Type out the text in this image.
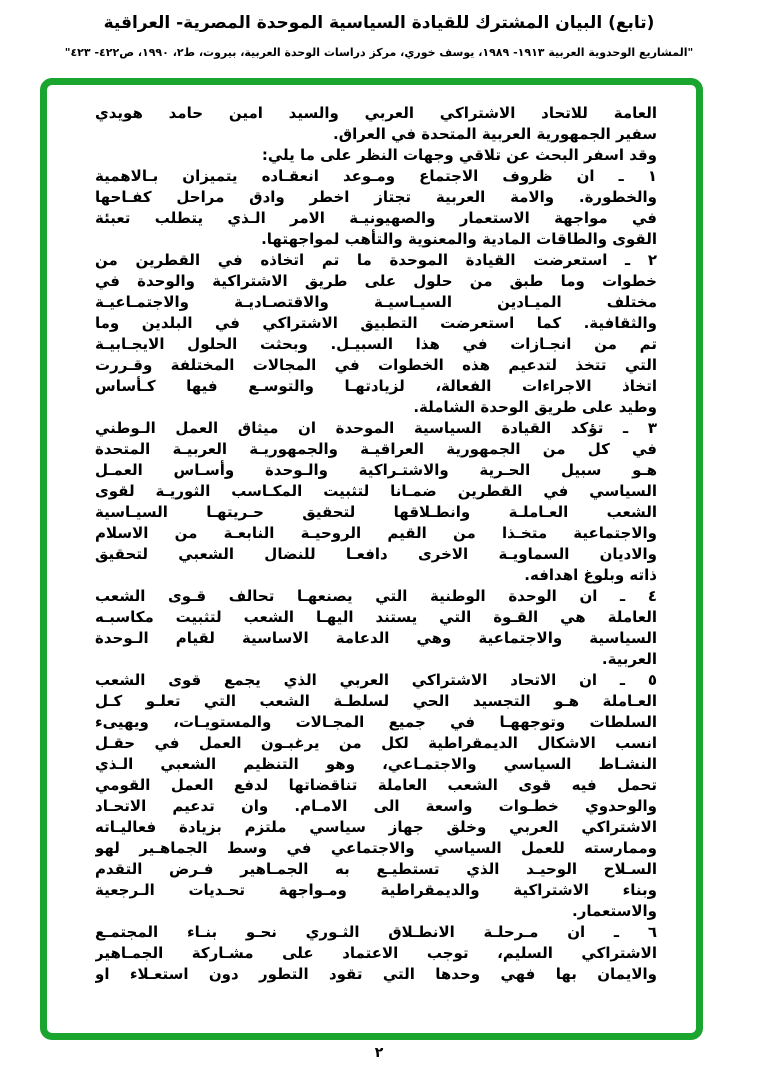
(تابع) البيان المشترك للقيادة السياسية الموحدة المصرية- العراقية
"المشاريع الوحدوية العربية ١٩١٣- ١٩٨٩، يوسف خوري، مركز دراسات الوحدة العربية، بيروت، ط٢، ١٩٩٠، ص٤٢٢- ٤٢٣"
العامة للاتحاد الاشتراكي العربي والسيد امين حامد هويدي
سفير الجمهورية العربية المتحدة في العراق.
وقد اسفر البحث عن تلاقي وجهات النظر على ما يلي:
١ ـ ان ظروف الاجتماع ومـوعد انعقـاده يتميزان بـالاهمية
والخطورة. والامة العربية تجتاز اخطر وادق مراحل كفـاحها
في مواجهة الاستعمار والصهيونيـة الامر الـذي يتطلب تعبئة
القوى والطاقات المادية والمعنوية والتأهب لمواجهتها.
٢ ـ استعرضت القيادة الموحدة ما تم اتخاذه في القطرين من
خطوات وما طبق من حلول على طريق الاشتراكية والوحدة في
مختلف الميـادين السيـاسيـة والاقتصـاديـة والاجتمـاعيـة
والثقافية. كما استعرضت التطبيق الاشتراكي في البلدين وما
تم من انجـازات في هذا السبيـل. وبحثت الحلول الايجـابيـة
التي تتخذ لتدعيم هذه الخطوات في المجالات المختلفة وقـررت
اتخاذ الاجراءات الفعالة، لزيادتهـا والتوسـع فيها كـأساس
وطيد على طريق الوحدة الشاملة.
٣ ـ تؤكد القيادة السياسية الموحدة ان ميثاق العمل الـوطني
في كل من الجمهورية العراقيـة والجمهوريـة العربيـة المتحدة
هـو سبيل الحـرية والاشتـراكية والـوحدة وأسـاس العمـل
السياسي في القطرين ضمـانا لتثبيت المكـاسب الثوريـة لقوى
الشعب العـاملـة وانطـلاقها لتحقيق حـريتهـا السيـاسية
والاجتماعية متخـذا من القيم الروحيـة النابعـة من الاسلام
والاديان السماويـة الاخرى دافعـا للنضال الشعبي لتحقيق
ذاته وبلوغ اهدافه.
٤ ـ ان الوحدة الوطنية التي يصنعهـا تحالف قـوى الشعب
العاملة هي القـوة التي يستند اليهـا الشعب لتثبيت مكاسبـه
السياسية والاجتماعية وهي الدعامة الاساسية لقيام الـوحدة
العربية.
٥ ـ ان الاتحاد الاشتراكي العربي الذي يجمع قوى الشعب
العـاملة هـو التجسيد الحي لسلطـة الشعب التي تعلـو كـل
السلطات وتوجههـا في جميع المجـالات والمستويـات، ويهيىء
انسب الاشكال الديمقراطية لكل من يرغبـون العمل في حقـل
النشـاط السياسي والاجتمـاعي، وهو التنظيم الشعبي الـذي
تحمل فيه قوى الشعب العاملة تناقضاتها لدفع العمل القومي
والوحدوي خطـوات واسعة الى الامـام. وان تدعيم الاتحـاد
الاشتراكي العربي وخلق جهاز سياسي ملتزم بزيادة فعاليـاته
وممارسته للعمل السياسي والاجتماعي في وسط الجماهـير لهو
السـلاح الوحيـد الذي تستطيـع به الجمـاهير فـرض التقدم
وبناء الاشتراكية والديمقراطية ومـواجهة تحـديات الـرجعية
والاستعمار.
٦ ـ ان مـرحلـة الانطـلاق الثـوري نحـو بنـاء المجتمـع
الاشتراكي السليم، توجب الاعتماد على مشـاركة الجمـاهير
والايمان بها فهي وحدها التي تقود التطور دون استعـلاء او
٢
